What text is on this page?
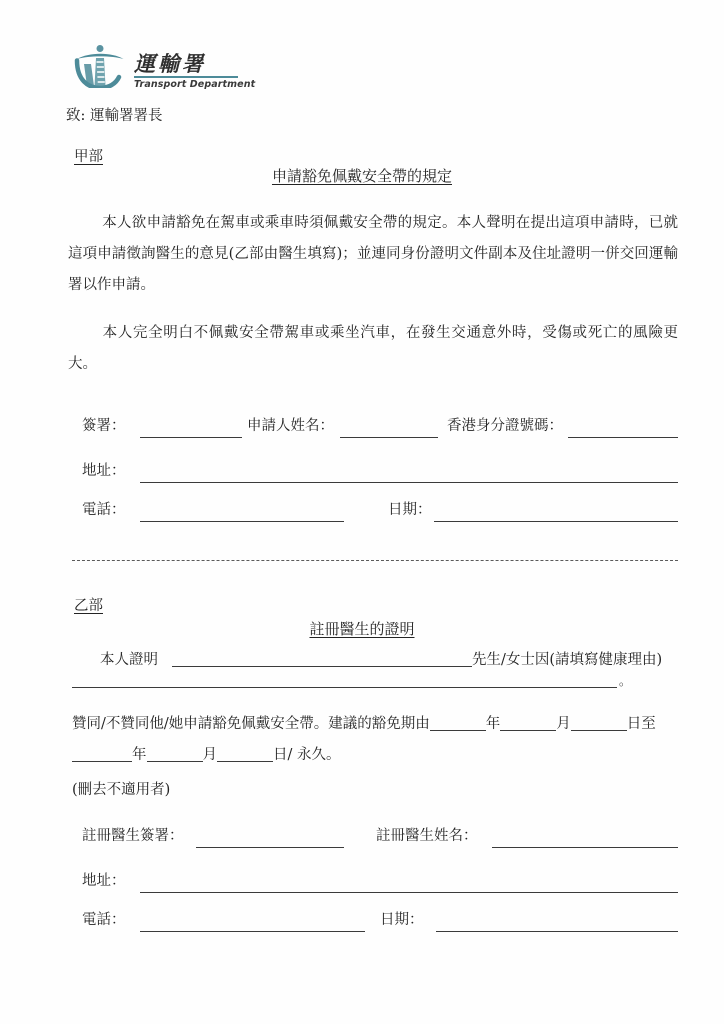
運輸署
Transport Department
致: 運輸署署長
甲部
申請豁免佩戴安全帶的規定
本人欲申請豁免在駕車或乘車時須佩戴安全帶的規定。本人聲明在提出這項申請時，已就這項申請徵詢醫生的意見(乙部由醫生填寫)；並連同身份證明文件副本及住址證明一併交回運輸署以作申請。
本人完全明白不佩戴安全帶駕車或乘坐汽車，在發生交通意外時，受傷或死亡的風險更大。
簽署：	申請人姓名：	香港身分證號碼：
地址：
電話：	日期：
乙部
註冊醫生的證明
本人證明	先生/女士因(請填寫健康理由)
。
贊同/不贊同他/她申請豁免佩戴安全帶。建議的豁免期由	年	月	日至
年	月	日/ 永久。
(刪去不適用者)
註冊醫生簽署：	註冊醫生姓名：
地址：
電話：	日期：
